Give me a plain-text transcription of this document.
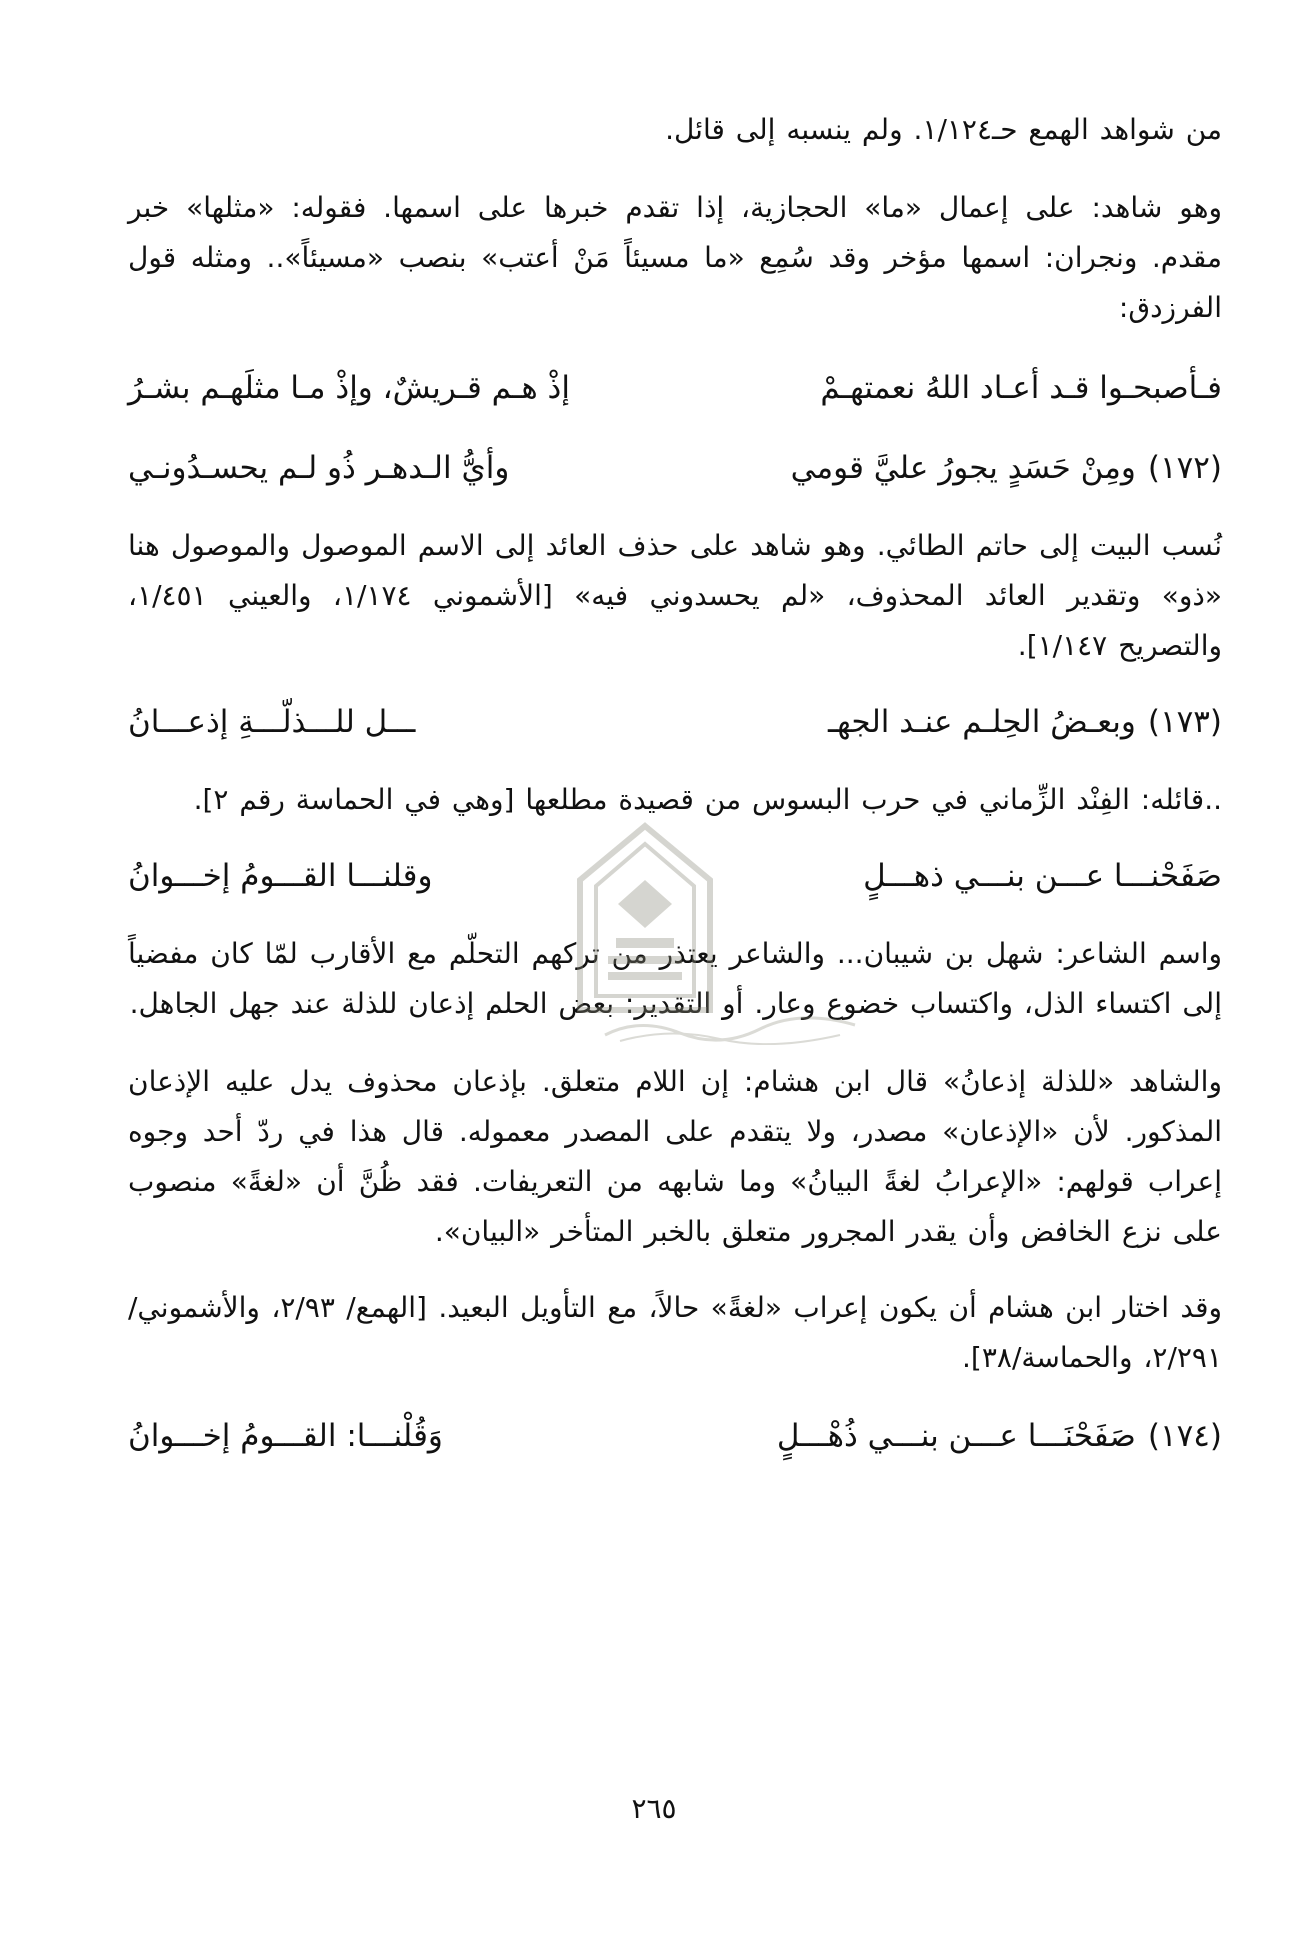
من شواهد الهمع حـ١/١٢٤. ولم ينسبه إلى قائل.

وهو شاهد: على إعمال «ما» الحجازية، إذا تقدم خبرها على اسمها. فقوله: «مثلها» خبر مقدم. ونجران: اسمها مؤخر وقد سُمِع «ما مسيئاً مَنْ أعتب» بنصب «مسيئاً».. ومثله قول الفرزدق:

فـأصبحـوا قـد أعـاد اللهُ نعمتهـمْ
إذْ هـم قـريشٌ، وإذْ مـا مثلَهـم بشـرُ
(١٧٢)ومِنْ حَسَدٍ يجورُ عليَّ قومي
وأيُّ الـدهـر ذُو لـم يحسـدُونـي

نُسب البيت إلى حاتم الطائي. وهو شاهد على حذف العائد إلى الاسم الموصول والموصول هنا «ذو» وتقدير العائد المحذوف، «لم يحسدوني فيه» [الأشموني ١/١٧٤، والعيني ١/٤٥١، والتصريح ١/١٤٧].

(١٧٣)وبعـضُ الحِلـم عنـد الجهـ
ـــل للـــذلّـــةِ إذعـــانُ

..قائله: الفِنْد الزِّماني في حرب البسوس من قصيدة مطلعها [وهي في الحماسة رقم ٢].

صَفَحْنـــا عـــن بنـــي ذهـــلٍ
وقلنـــا القـــومُ إخـــوانُ

واسم الشاعر: شهل بن شيبان... والشاعر يعتذر من تركهم التحلّم مع الأقارب لمّا كان مفضياً إلى اكتساء الذل، واكتساب خضوع وعار. أو التقدير: بعض الحلم إذعان للذلة عند جهل الجاهل.

والشاهد «للذلة إذعانُ» قال ابن هشام: إن اللام متعلق. بإذعان محذوف يدل عليه الإذعان المذكور. لأن «الإذعان» مصدر، ولا يتقدم على المصدر معموله. قال هذا في ردّ أحد وجوه إعراب قولهم: «الإعرابُ لغةً البيانُ» وما شابهه من التعريفات. فقد ظُنَّ أن «لغةً» منصوب على نزع الخافض وأن يقدر المجرور متعلق بالخبر المتأخر «البيان».

وقد اختار ابن هشام أن يكون إعراب «لغةً» حالاً، مع التأويل البعيد. [الهمع/ ٢/٩٣، والأشموني/ ٢/٢٩١، والحماسة/٣٨].

(١٧٤)صَفَحْنَـــا عـــن بنـــي ذُهْـــلٍ
وَقُلْنـــا: القـــومُ إخـــوانُ
٢٦٥
